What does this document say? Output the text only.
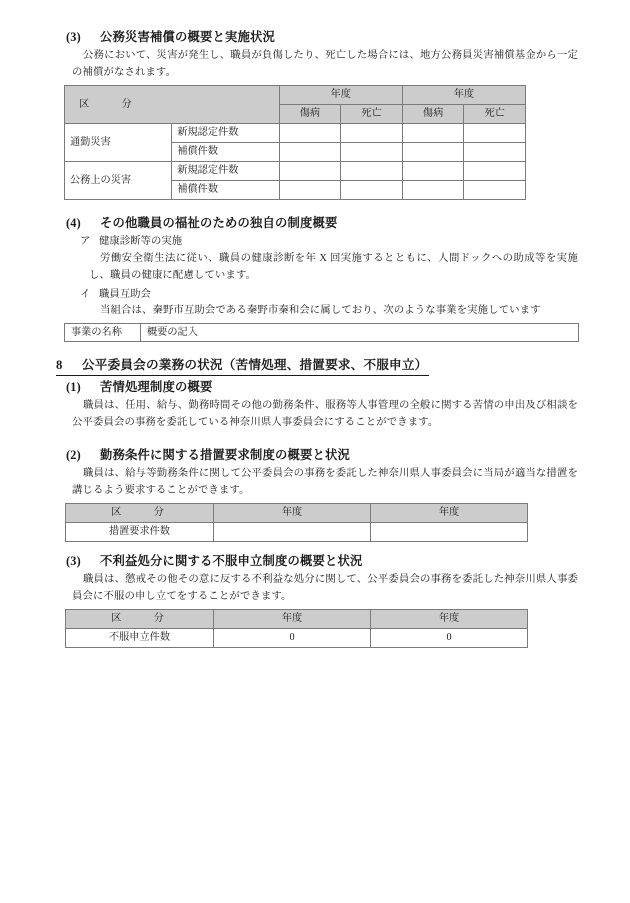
(3) 公務災害補償の概要と実施状況

公務において、災害が発生し、職員が負傷したり、死亡した場合には、地方公務員災害補償基金から一定の補償がなされます。

区　　分		年度		年度	
		傷病	死亡	傷病	死亡
通勤災害	新規認定件数				
	補償件数				
公務上の災害	新規認定件数				
	補償件数				
(4) その他職員の福祉のための独自の制度概要
ア 健康診断等の実施

労働安全衛生法に従い、職員の健康診断を年 X 回実施するとともに、人間ドックへの助成等を実施し、職員の健康に配慮しています。

イ 職員互助会

当組合は、秦野市互助会である秦野市秦和会に属しており、次のような事業を実施しています

事業の名称	概要の記入
8 公平委員会の業務の状況（苦情処理、措置要求、不服申立）
(1) 苦情処理制度の概要

職員は、任用、給与、勤務時間その他の勤務条件、服務等人事管理の全般に関する苦情の申出及び相談を公平委員会の事務を委託している神奈川県人事委員会にすることができます。

(2) 勤務条件に関する措置要求制度の概要と状況

職員は、給与等勤務条件に関して公平委員会の事務を委託した神奈川県人事委員会に当局が適当な措置を講じるよう要求することができます。

区　　分	年度	年度
措置要求件数		
(3) 不利益処分に関する不服申立制度の概要と状況

職員は、懲戒その他その意に反する不利益な処分に関して、公平委員会の事務を委託した神奈川県人事委員会に不服の申し立てをすることができます。

区　　分	年度	年度
不服申立件数	0	0
